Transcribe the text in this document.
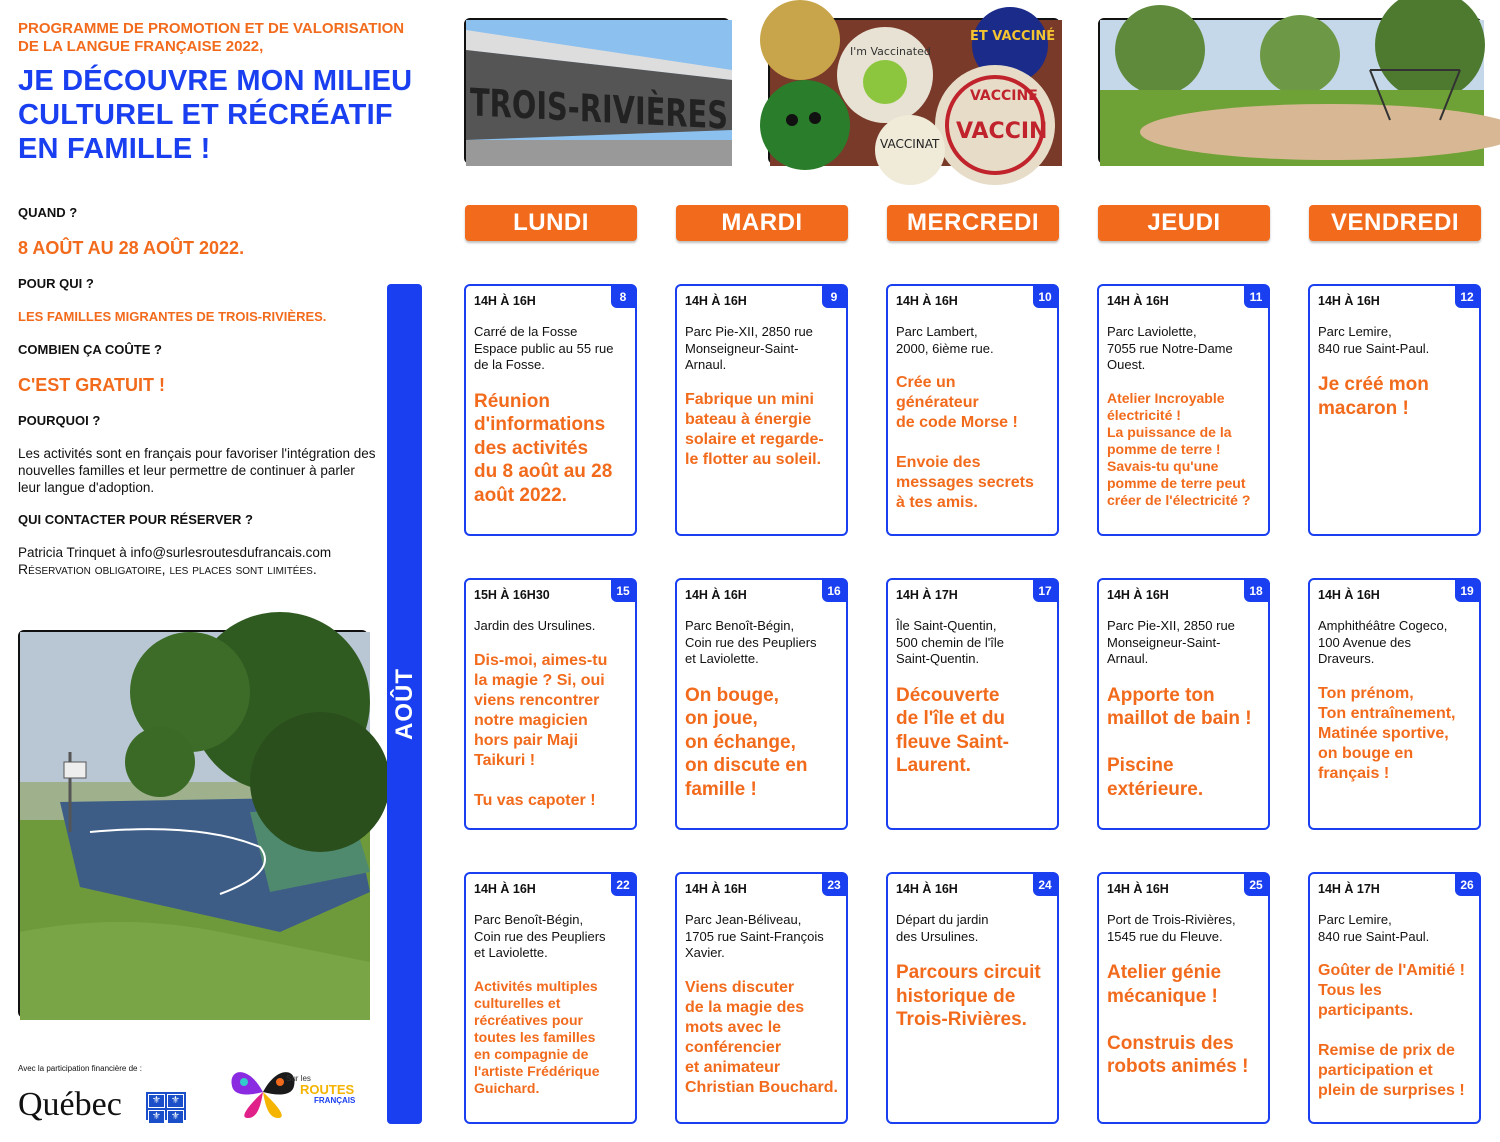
PROGRAMME DE PROMOTION ET DE VALORISATION DE LA LANGUE FRANÇAISE 2022,
JE DÉCOUVRE MON MILIEU CULTUREL ET RÉCRÉATIF EN FAMILLE !
QUAND ?
8 AOÛT AU 28 AOÛT 2022.
POUR QUI ?
LES FAMILLES MIGRANTES DE TROIS-RIVIÈRES.
COMBIEN ÇA COÛTE ?
C'EST GRATUIT !
POURQUOI ?
Les activités sont en français pour favoriser l'intégration des nouvelles familles et leur permettre de continuer à parler leur langue d'adoption.
QUI CONTACTER POUR RÉSERVER ?
Patricia Trinquet à info@surlesroutesdufrancais.com
Réservation obligatoire, les places sont limitées.
Avec la participation financière de :
Québec	⚜	⚜
⚜	⚜
Sur les
ROUTES
FRANÇAIS
TROIS-RIVIÈRES
I'm Vaccinated
ET VACCINÉ
VACCINE
VACCIN
VACCINAT
LUNDI	MARDI	MERCREDI	JEUDI	VENDREDI
AOÛT
14H À 16H	8
Carré de la Fosse
Espace public au 55 rue
de la Fosse.
Réunion
d'informations
des activités
du 8 août au 28
août 2022.
14H À 16H	9
Parc Pie-XII, 2850 rue
Monseigneur-Saint-
Arnaul.
Fabrique un mini
bateau à énergie
solaire et regarde-
le flotter au soleil.
14H À 16H	10
Parc Lambert,
2000, 6ième rue.
Crée un
générateur
de code Morse !

Envoie des
messages secrets
à tes amis.
14H À 16H	11
Parc Laviolette,
7055 rue Notre-Dame
Ouest.
Atelier Incroyable
électricité !
La puissance de la
pomme de terre !
Savais-tu qu'une
pomme de terre peut
créer de l'électricité ?
14H À 16H	12
Parc Lemire,
840 rue Saint-Paul.
Je créé mon
macaron !
15H À 16H30	15
Jardin des Ursulines.
Dis-moi, aimes-tu
la magie ? Si, oui
viens rencontrer
notre magicien
hors pair Maji
Taikuri !

Tu vas capoter !
14H À 16H	16
Parc Benoît-Bégin,
Coin rue des Peupliers
et Laviolette.
On bouge,
on joue,
on échange,
on discute en
famille !
14H À 17H	17
Île Saint-Quentin,
500 chemin de l'île
Saint-Quentin.
Découverte
de l'île et du
fleuve Saint-
Laurent.
14H À 16H	18
Parc Pie-XII, 2850 rue
Monseigneur-Saint-
Arnaul.
Apporte ton
maillot de bain !

Piscine
extérieure.
14H À 16H	19
Amphithéâtre Cogeco,
100 Avenue des
Draveurs.
Ton prénom,
Ton entraînement,
Matinée sportive,
on bouge en
français !
14H À 16H	22
Parc Benoît-Bégin,
Coin rue des Peupliers
et Laviolette.
Activités multiples
culturelles et
récréatives pour
toutes les familles
en compagnie de
l'artiste Frédérique
Guichard.
14H À 16H	23
Parc Jean-Béliveau,
1705 rue Saint-François
Xavier.
Viens discuter
de la magie des
mots avec le
conférencier
et animateur
Christian Bouchard.
14H À 16H	24
Départ du jardin
des Ursulines.
Parcours circuit
historique de
Trois-Rivières.
14H À 16H	25
Port de Trois-Rivières,
1545 rue du Fleuve.
Atelier génie
mécanique !

Construis des
robots animés !
14H À 17H	26
Parc Lemire,
840 rue Saint-Paul.
Goûter de l'Amitié !
Tous les
participants.

Remise de prix de
participation et
plein de surprises !
